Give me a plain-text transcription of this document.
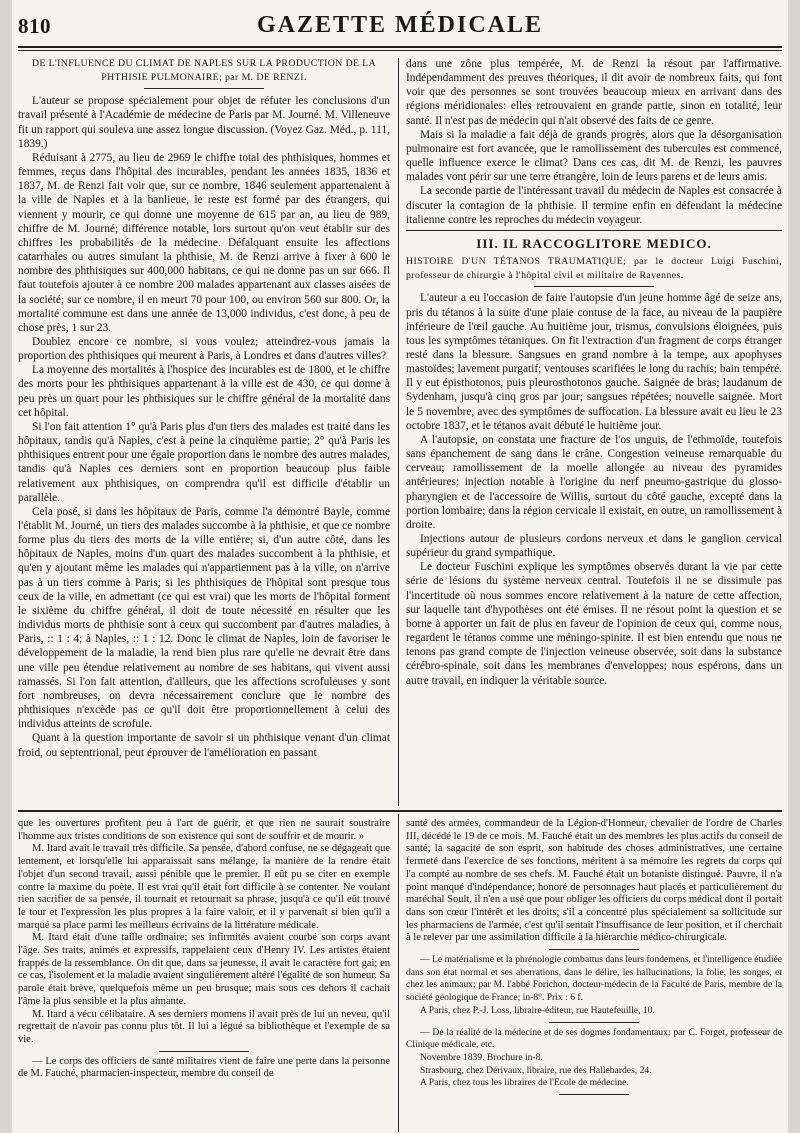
810	GAZETTE MÉDICALE

DE L'INFLUENCE DU CLIMAT DE NAPLES SUR LA PRODUCTION DE LA PHTHISIE PULMONAIRE; par M. DE RENZI.

L'auteur se propose spécialement pour objet de réfuter les conclusions d'un travail présenté à l'Académie de médecine de Paris par M. Journé. M. Villeneuve fit un rapport qui souleva une assez longue discussion. (Voyez Gaz. Méd., p. 111, 1839.)

Réduisant à 2775, au lieu de 2969 le chiffre total des phthisiques, hommes et femmes, reçus dans l'hôpital des incurables, pendant les années 1835, 1836 et 1837, M. de Renzi fait voir que, sur ce nombre, 1846 seulement appartenaient à la ville de Naples et à la banlieue, le reste est formé par des étrangers, qui viennent y mourir, ce qui donne une moyenne de 615 par an, au lieu de 989, chiffre de M. Journé; différence notable, lors surtout qu'on veut établir sur des chiffres les probabilités de la médecine. Défalquant ensuite les affections catarrhales ou autres simulant la phthisie, M. de Renzi arrive à fixer à 600 le nombre des phthisiques sur 400,000 habitans, ce qui ne donne pas un sur 666. Il faut toutefois ajouter à ce nombre 200 malades appartenant aux classes aisées de la société; sur ce nombre, il en meurt 70 pour 100, ou environ 560 sur 800. Or, la mortalité commune est dans une année de 13,000 individus, c'est donc, à peu de chose près, 1 sur 23.

Doublez encore ce nombre, si vous voulez; atteindrez-vous jamais la proportion des phthisiques qui meurent à Paris, à Londres et dans d'autres villes?

La moyenne des mortalités à l'hospice des incurables est de 1800, et le chiffre des morts pour les phthisiques appartenant à la ville est de 430, ce qui donne à peu près un quart pour les phthisiques sur le chiffre général de la mortalité dans cet hôpital.

Si l'on fait attention 1° qu'à Paris plus d'un tiers des malades est traité dans les hôpitaux, tandis qu'à Naples, c'est à peine la cinquième partie; 2° qu'à Paris les phthisiques entrent pour une égale proportion dans le nombre des autres malades, tandis qu'à Naples ces derniers sont en proportion beaucoup plus faible relativement aux phthisiques, on comprendra qu'il est difficile d'établir un parallèle.

Cela posé, si dans les hôpitaux de Paris, comme l'a démontré Bayle, comme l'établit M. Journé, un tiers des malades succombe à la phthisie, et que ce nombre forme plus du tiers des morts de la ville entière; si, d'un autre côté, dans les hôpitaux de Naples, moins d'un quart des malades succombent à la phthisie, et qu'en y ajoutant même les malades qui n'appartiennent pas à la ville, on n'arrive pas à un tiers comme à Paris; si les phthisiques de l'hôpital sont presque tous ceux de la ville, en admettant (ce qui est vrai) que les morts de l'hôpital forment le sixième du chiffre général, il doit de toute nécessité en résulter que les individus morts de phthisie sont à ceux qui succombent par d'autres maladies, à Paris, :: 1 : 4; à Naples, :: 1 : 12. Donc le climat de Naples, loin de favoriser le développement de la maladie, la rend bien plus rare qu'elle ne devrait être dans une ville peu étendue relativement au nombre de ses habitans, qui vivent aussi ramassés. Si l'on fait attention, d'ailleurs, que les affections scrofuleuses y sont fort nombreuses, on devra nécessairement conclure que le nombre des phthisiques n'excède pas ce qu'il doit être proportionnellement à celui des individus atteints de scrofule.

Quant à la question importante de savoir si un phthisique venant d'un climat froid, ou septentrional, peut éprouver de l'amélioration en passant

dans une zône plus tempérée, M. de Renzi la résout par l'affirmative. Indépendamment des preuves théoriques, il dit avoir de nombreux faits, qui font voir que des personnes se sont trouvées beaucoup mieux en arrivant dans des régions méridionales: elles retrouvaient en grande partie, sinon en totalité, leur santé. Il n'est pas de médecin qui n'ait observé des faits de ce genre.

Mais si la maladie a fait déjà de grands progrès, alors que la désorganisation pulmonaire est fort avancée, que le ramollissement des tubercules est commencé, quelle influence exerce le climat? Dans ces cas, dit M. de Renzi, les pauvres malades vont périr sur une terre étrangère, loin de leurs parens et de leurs amis.

La seconde partie de l'intéressant travail du médecin de Naples est consacrée à discuter la contagion de la phthisie. Il termine enfin en défendant la médecine italienne contre les reproches du médecin voyageur.

III. IL RACCOGLITORE MEDICO.

HISTOIRE D'UN TÉTANOS TRAUMATIQUE; par le docteur Luigi Fuschini, professeur de chirurgie à l'hôpital civil et militaire de Ravennes.

L'auteur a eu l'occasion de faire l'autopsie d'un jeune homme âgé de seize ans, pris du tétanos à la suite d'une plaie contuse de la face, au niveau de la paupière inférieure de l'œil gauche. Au huitième jour, trismus, convulsions éloignées, puis tous les symptômes tétaniques. On fit l'extraction d'un fragment de corps étranger resté dans la blessure. Sangsues en grand nombre à la tempe, aux apophyses mastoïdes; lavement purgatif; ventouses scarifiées le long du rachis; bain tempéré. Il y eut épisthotonos, puis pleurosthotonos gauche. Saignée de bras; laudanum de Sydenham, jusqu'à cinq gros par jour; sangsues répétées; nouvelle saignée. Mort le 5 novembre, avec des symptômes de suffocation. La blessure avait eu lieu le 23 octobre 1837, et le tétanos avait débuté le huitième jour.

A l'autopsie, on constata une fracture de l'os unguis, de l'ethmoïde, toutefois sans épanchement de sang dans le crâne. Congestion veineuse remarquable du cerveau; ramollissement de la moelle allongée au niveau des pyramides antérieures; injection notable à l'origine du nerf pneumo-gastrique du glosso-pharyngien et de l'accessoire de Willis, surtout du côté gauche, excepté dans la portion lombaire; dans la région cervicale il existait, en outre, un ramollissement à droite.

Injections autour de plusieurs cordons nerveux et dans le ganglion cervical supérieur du grand sympathique.

Le docteur Fuschini explique les symptômes observés durant la vie par cette série de lésions du système nerveux central. Toutefois il ne se dissimule pas l'incertitude où nous sommes encore relativement à la nature de cette affection, sur laquelle tant d'hypothèses ont été émises. Il ne résout point la question et se borne à apporter un fait de plus en faveur de l'opinion de ceux qui, comme nous, regardent le tétanos comme une méningo-spinite. Il est bien entendu que nous ne tenons pas grand compte de l'injection veineuse observée, soit dans la substance cérébro-spinale, soit dans les membranes d'enveloppes; nous espérons, dans un autre travail, en indiquer la véritable source.

que les ouvertures profitent peu à l'art de guérir, et que rien ne saurait soustraire l'homme aux tristes conditions de son existence qui sont de souffrir et de mourir. »

M. Itard avait le travail très difficile. Sa pensée, d'abord confuse, ne se dégageait que lentement, et lorsqu'elle lui apparaissait sans mélange, la manière de la rendre était l'objet d'un second travail, aussi pénible que le premier. Il eût pu se citer en exemple contre la maxime du poète. Il est vrai qu'il était fort difficile à se contenter. Ne voulant rien sacrifier de sa pensée, il tournait et retournait sa phrase, jusqu'à ce qu'il eût trouvé le tour et l'expression les plus propres à la faire valoir, et il y parvenait si bien qu'il a marqué sa place parmi les meilleurs écrivains de la littérature médicale.

M. Itard était d'une taille ordinaire; ses infirmités avaient courbé son corps avant l'âge. Ses traits, animés et expressifs, rappelaient ceux d'Henry IV. Les artistes étaient frappés de la ressemblance. On dit que, dans sa jeunesse, il avait le caractère fort gai; en ce cas, l'isolement et la maladie avaient singulièrement altéré l'égalité de son humeur. Sa parole était brève, quelquefois même un peu brusque; mais sous ces dehors il cachait l'âme la plus sensible et la plus aimante.

M. Itard a vécu célibataire. A ses derniers momens il avait près de lui un neveu, qu'il regrettait de n'avoir pas connu plus tôt. Il lui a légué sa bibliothèque et l'exemple de sa vie.

— Le corps des officiers de santé militaires vient de faire une perte dans la personne de M. Fauché, pharmacien-inspecteur, membre du conseil de

santé des armées, commandeur de la Légion-d'Honneur, chevalier de l'ordre de Charles III, décédé le 19 de ce mois. M. Fauché était un des membres les plus actifs du conseil de santé; la sagacité de son esprit, son habitude des choses administratives, une certaine fermeté dans l'exercice de ses fonctions, méritent à sa mémoire les regrets du corps qui l'a compté au nombre de ses chefs. M. Fauché était un botaniste distingué. Pauvre, il n'a point manqué d'indépendance; honoré de personnages haut placés et particulièrement du maréchal Soult, il n'en a usé que pour obliger les officiers du corps médical dont il portait dans son cœur l'intérêt et les droits; s'il a concentré plus spécialement sa sollicitude sur les pharmaciens de l'armée, c'est qu'il sentait l'insuffisance de leur position, et il cherchait à le relever par une assimilation difficile à la hiérarchie médico-chirurgicale.

— Le matérialisme et la phrénologie combattus dans leurs fondemens, et l'intelligence étudiée dans son état normal et ses aberrations, dans le délire, les hallucinations, la folie, les songes, et chez les animaux; par M. l'abbé Forichon, docteur-médecin de la Faculté de Paris, membre de la société géologique de France; in-8°. Prix : 6 f.

A Paris, chez P.-J. Loss, libraire-éditeur, rue Hautefeuille, 10.

— De la réalité de la médecine et de ses dogmes fondamentaux; par C. Forget, professeur de Clinique médicale, etc.

Novembre 1839. Brochure in-8.

Strasbourg, chez Dérivaux, libraire, rue des Hallebardes, 24.

A Paris, chez tous les libraires de l'Ecole de médecine.
